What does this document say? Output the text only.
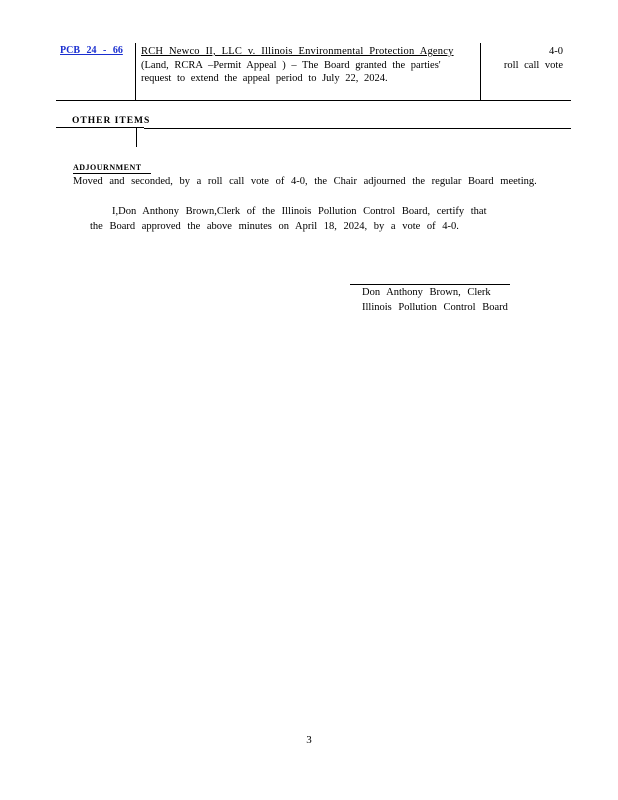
PCB 24 - 66 RCH Newco II, LLC v. Illinois Environmental Protection Agency
(Land, RCRA –Permit Appeal ) – The Board granted the parties'
request to extend the appeal period to July 22, 2024.
4-0
roll call vote
OTHER ITEMS
ADJOURNMENT
Moved and seconded, by a roll call vote of 4-0, the Chair adjourned the regular Board meeting.
I,Don Anthony Brown,Clerk of the Illinois Pollution Control Board, certify that
the Board approved the above minutes on April 18, 2024, by a vote of 4-0.
Don Anthony Brown, Clerk
Illinois Pollution Control Board
3
